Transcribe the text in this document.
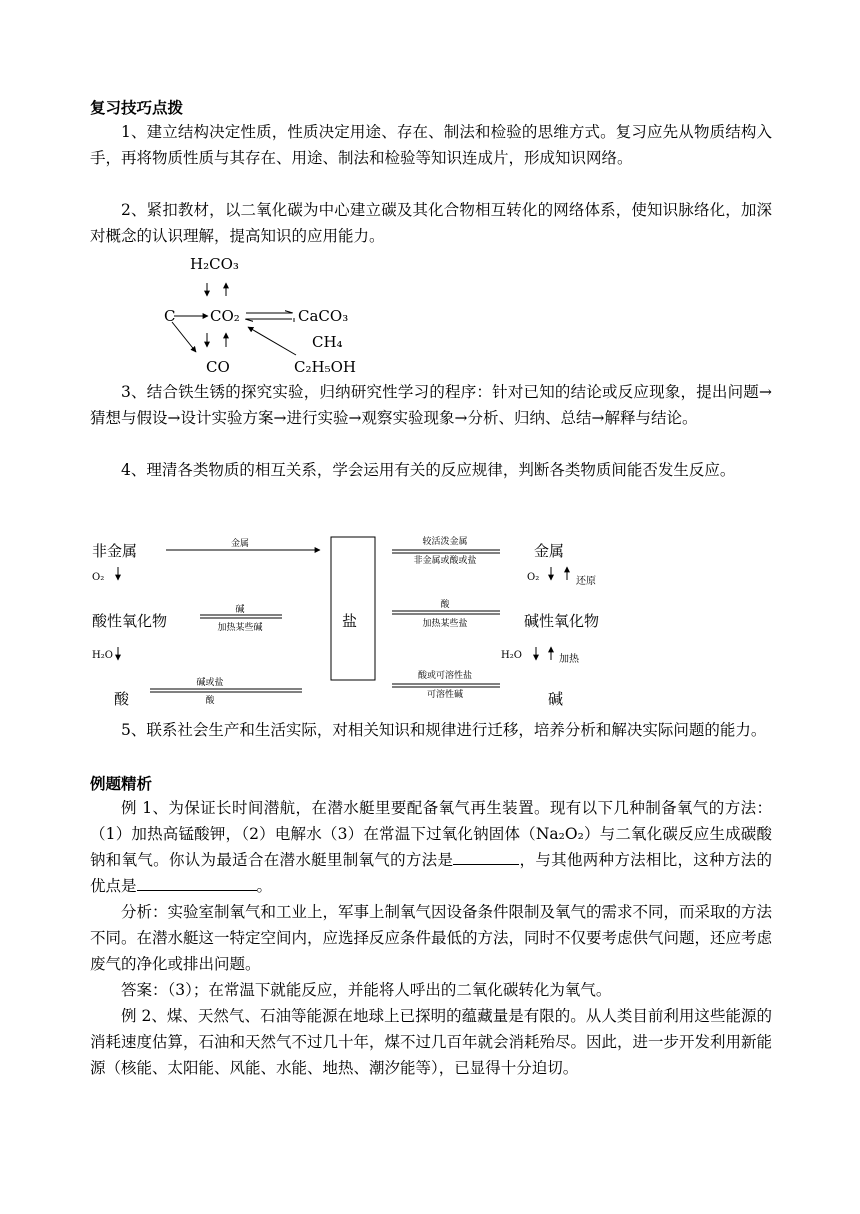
复习技巧点拨
1、建立结构决定性质，性质决定用途、存在、制法和检验的思维方式。复习应先从物质结构入手，再将物质性质与其存在、用途、制法和检验等知识连成片，形成知识网络。
2、紧扣教材，以二氧化碳为中心建立碳及其化合物相互转化的网络体系，使知识脉络化，加深对概念的认识理解，提高知识的应用能力。
H₂CO₃
C CO₂	CaCO₃
CH₄
CO	C₂H₅OH
3、结合铁生锈的探究实验，归纳研究性学习的程序：针对已知的结论或反应现象，提出问题→猜想与假设→设计实验方案→进行实验→观察实验现象→分析、归纳、总结→解释与结论。
4、理清各类物质的相互关系，学会运用有关的反应规律，判断各类物质间能否发生反应。
非金属
O₂
酸性氧化物
H₂O
酸
盐
金属
O₂	还原
碱性氧化物
H₂O	加热
碱
金属
碱
加热某些碱
碱或盐
酸
较活泼金属
非金属或酸或盐
酸
加热某些盐
酸或可溶性盐
可溶性碱
5、联系社会生产和生活实际，对相关知识和规律进行迁移，培养分析和解决实际问题的能力。
例题精析
例 1、为保证长时间潜航，在潜水艇里要配备氧气再生装置。现有以下几种制备氧气的方法：（1）加热高锰酸钾，（2）电解水（3）在常温下过氧化钠固体（Na₂O₂）与二氧化碳反应生成碳酸钠和氧气。你认为最适合在潜水艇里制氧气的方法是	，与其他两种方法相比，这种方法的优点是	。
分析：实验室制氧气和工业上，军事上制氧气因设备条件限制及氧气的需求不同，而采取的方法不同。在潜水艇这一特定空间内，应选择反应条件最低的方法，同时不仅要考虑供气问题，还应考虑废气的净化或排出问题。
答案：（3）；在常温下就能反应，并能将人呼出的二氧化碳转化为氧气。
例 2、煤、天然气、石油等能源在地球上已探明的蕴藏量是有限的。从人类目前利用这些能源的消耗速度估算，石油和天然气不过几十年，煤不过几百年就会消耗殆尽。因此，进一步开发利用新能源（核能、太阳能、风能、水能、地热、潮汐能等），已显得十分迫切。
